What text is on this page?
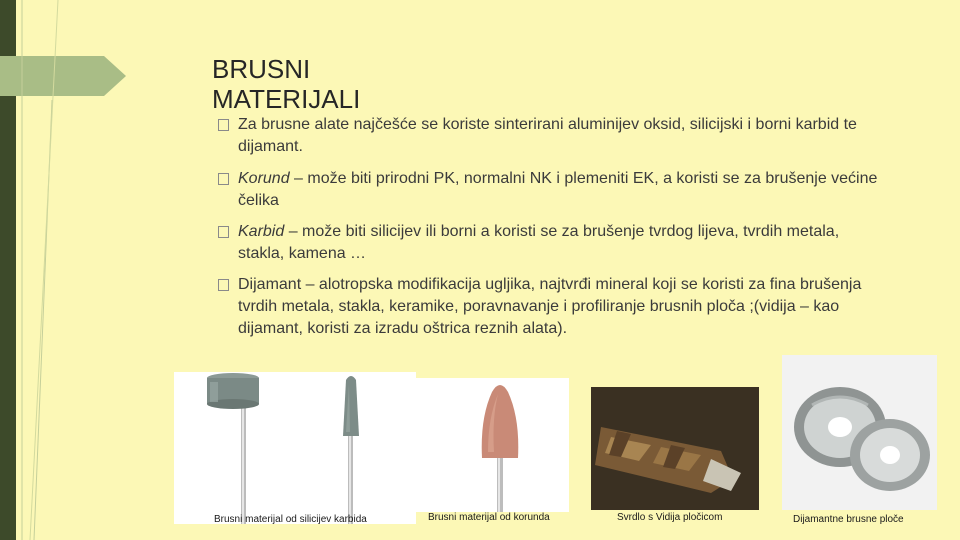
BRUSNI MATERIJALI
Za brusne alate najčešće se koriste sinterirani aluminijev oksid, silicijski i borni karbid te dijamant.
Korund – može biti prirodni PK, normalni NK i plemeniti EK, a koristi se za brušenje većine čelika
Karbid – može biti silicijev ili borni a koristi se za brušenje tvrdog lijeva, tvrdih metala, stakla, kamena …
Dijamant – alotropska modifikacija ugljika, najtvrđi mineral koji se koristi za fina brušenja tvrdih metala, stakla, keramike, poravnavanje i profiliranje brusnih ploča ;(vidija – kao dijamant, koristi za izradu oštrica reznih alata).
Brusni materijal od silicijev karbida	Brusni materijal od korunda	Svrdlo s Vidija pločicom	Dijamantne brusne ploče
